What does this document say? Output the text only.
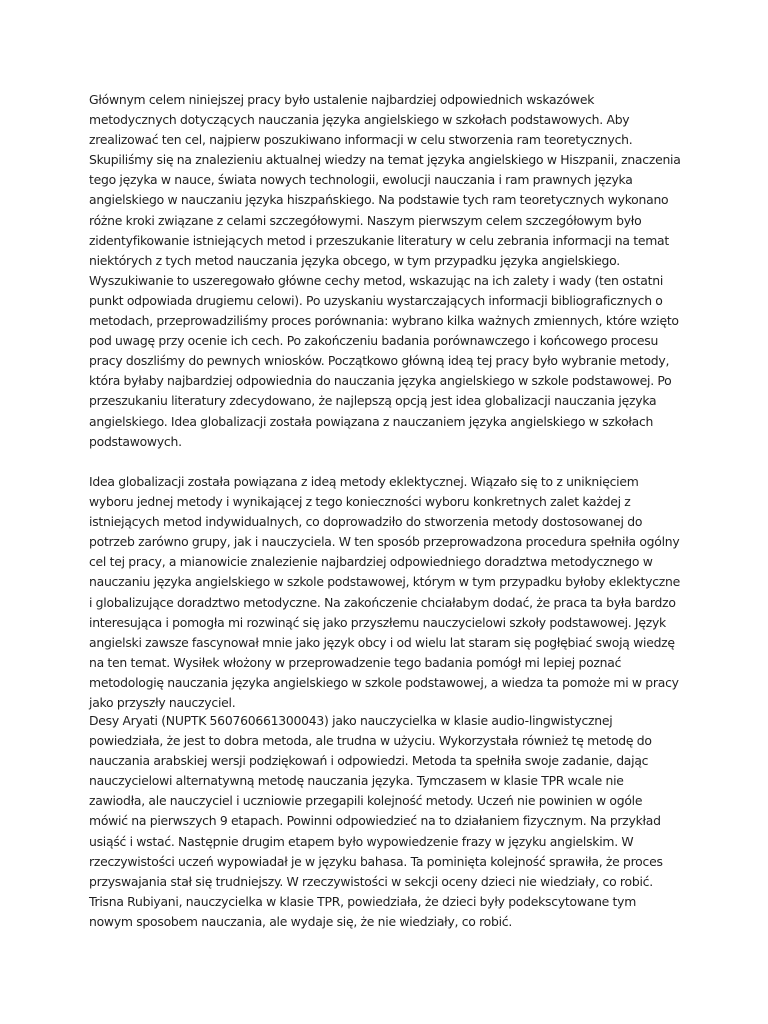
Głównym celem niniejszej pracy było ustalenie najbardziej odpowiednich wskazówek metodycznych dotyczących nauczania języka angielskiego w szkołach podstawowych. Aby zrealizować ten cel, najpierw poszukiwano informacji w celu stworzenia ram teoretycznych. Skupiliśmy się na znalezieniu aktualnej wiedzy na temat języka angielskiego w Hiszpanii, znaczenia tego języka w nauce, świata nowych technologii, ewolucji nauczania i ram prawnych języka angielskiego w nauczaniu języka hiszpańskiego. Na podstawie tych ram teoretycznych wykonano różne kroki związane z celami szczegółowymi. Naszym pierwszym celem szczegółowym było zidentyfikowanie istniejących metod i przeszukanie literatury w celu zebrania informacji na temat niektórych z tych metod nauczania języka obcego, w tym przypadku języka angielskiego. Wyszukiwanie to uszeregowało główne cechy metod, wskazując na ich zalety i wady (ten ostatni punkt odpowiada drugiemu celowi). Po uzyskaniu wystarczających informacji bibliograficznych o metodach, przeprowadziliśmy proces porównania: wybrano kilka ważnych zmiennych, które wzięto pod uwagę przy ocenie ich cech. Po zakończeniu badania porównawczego i końcowego procesu pracy doszliśmy do pewnych wniosków. Początkowo główną ideą tej pracy było wybranie metody, która byłaby najbardziej odpowiednia do nauczania języka angielskiego w szkole podstawowej. Po przeszukaniu literatury zdecydowano, że najlepszą opcją jest idea globalizacji nauczania języka angielskiego. Idea globalizacji została powiązana z nauczaniem języka angielskiego w szkołach podstawowych.

Idea globalizacji została powiązana z ideą metody eklektycznej. Wiązało się to z uniknięciem wyboru jednej metody i wynikającej z tego konieczności wyboru konkretnych zalet każdej z istniejących metod indywidualnych, co doprowadziło do stworzenia metody dostosowanej do potrzeb zarówno grupy, jak i nauczyciela. W ten sposób przeprowadzona procedura spełniła ogólny cel tej pracy, a mianowicie znalezienie najbardziej odpowiedniego doradztwa metodycznego w nauczaniu języka angielskiego w szkole podstawowej, którym w tym przypadku byłoby eklektyczne i globalizujące doradztwo metodyczne. Na zakończenie chciałabym dodać, że praca ta była bardzo interesująca i pomogła mi rozwinąć się jako przyszłemu nauczycielowi szkoły podstawowej. Język angielski zawsze fascynował mnie jako język obcy i od wielu lat staram się pogłębiać swoją wiedzę na ten temat. Wysiłek włożony w przeprowadzenie tego badania pomógł mi lepiej poznać metodologię nauczania języka angielskiego w szkole podstawowej, a wiedza ta pomoże mi w pracy jako przyszły nauczyciel.

Desy Aryati (NUPTK 560760661300043) jako nauczycielka w klasie audio-lingwistycznej powiedziała, że jest to dobra metoda, ale trudna w użyciu. Wykorzystała również tę metodę do nauczania arabskiej wersji podziękowań i odpowiedzi. Metoda ta spełniła swoje zadanie, dając nauczycielowi alternatywną metodę nauczania języka. Tymczasem w klasie TPR wcale nie zawiodła, ale nauczyciel i uczniowie przegapili kolejność metody. Uczeń nie powinien w ogóle mówić na pierwszych 9 etapach. Powinni odpowiedzieć na to działaniem fizycznym. Na przykład usiąść i wstać. Następnie drugim etapem było wypowiedzenie frazy w języku angielskim. W rzeczywistości uczeń wypowiadał je w języku bahasa. Ta pominięta kolejność sprawiła, że proces przyswajania stał się trudniejszy. W rzeczywistości w sekcji oceny dzieci nie wiedziały, co robić. Trisna Rubiyani, nauczycielka w klasie TPR, powiedziała, że dzieci były podekscytowane tym nowym sposobem nauczania, ale wydaje się, że nie wiedziały, co robić.
